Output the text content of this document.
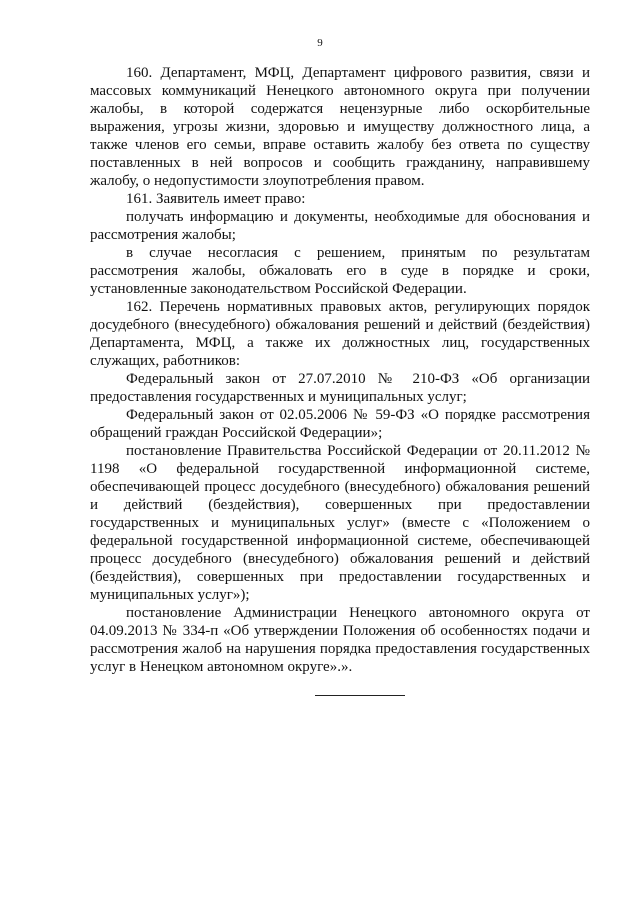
9

160. Департамент, МФЦ, Департамент цифрового развития, связи и массовых коммуникаций Ненецкого автономного округа при получении жалобы, в которой содержатся нецензурные либо оскорбительные выражения, угрозы жизни, здоровью и имуществу должностного лица, а также членов его семьи, вправе оставить жалобу без ответа по существу поставленных в ней вопросов и сообщить гражданину, направившему жалобу, о недопустимости злоупотребления правом.

161. Заявитель имеет право:

получать информацию и документы, необходимые для обоснования и рассмотрения жалобы;

в случае несогласия с решением, принятым по результатам рассмотрения жалобы, обжаловать его в суде в порядке и сроки, установленные законодательством Российской Федерации.

162. Перечень нормативных правовых актов, регулирующих порядок досудебного (внесудебного) обжалования решений и действий (бездействия) Департамента, МФЦ, а также их должностных лиц, государственных служащих, работников:

Федеральный закон от 27.07.2010 № 210-ФЗ «Об организации предоставления государственных и муниципальных услуг;

Федеральный закон от 02.05.2006 № 59-ФЗ «О порядке рассмотрения обращений граждан Российской Федерации»;

постановление Правительства Российской Федерации от 20.11.2012 № 1198 «О федеральной государственной информационной системе, обеспечивающей процесс досудебного (внесудебного) обжалования решений и действий (бездействия), совершенных при предоставлении государственных и муниципальных услуг» (вместе с «Положением о федеральной государственной информационной системе, обеспечивающей процесс досудебного (внесудебного) обжалования решений и действий (бездействия), совершенных при предоставлении государственных и муниципальных услуг»);

постановление Администрации Ненецкого автономного округа от 04.09.2013 № 334-п «Об утверждении Положения об особенностях подачи и рассмотрения жалоб на нарушения порядка предоставления государственных услуг в Ненецком автономном округе».».
